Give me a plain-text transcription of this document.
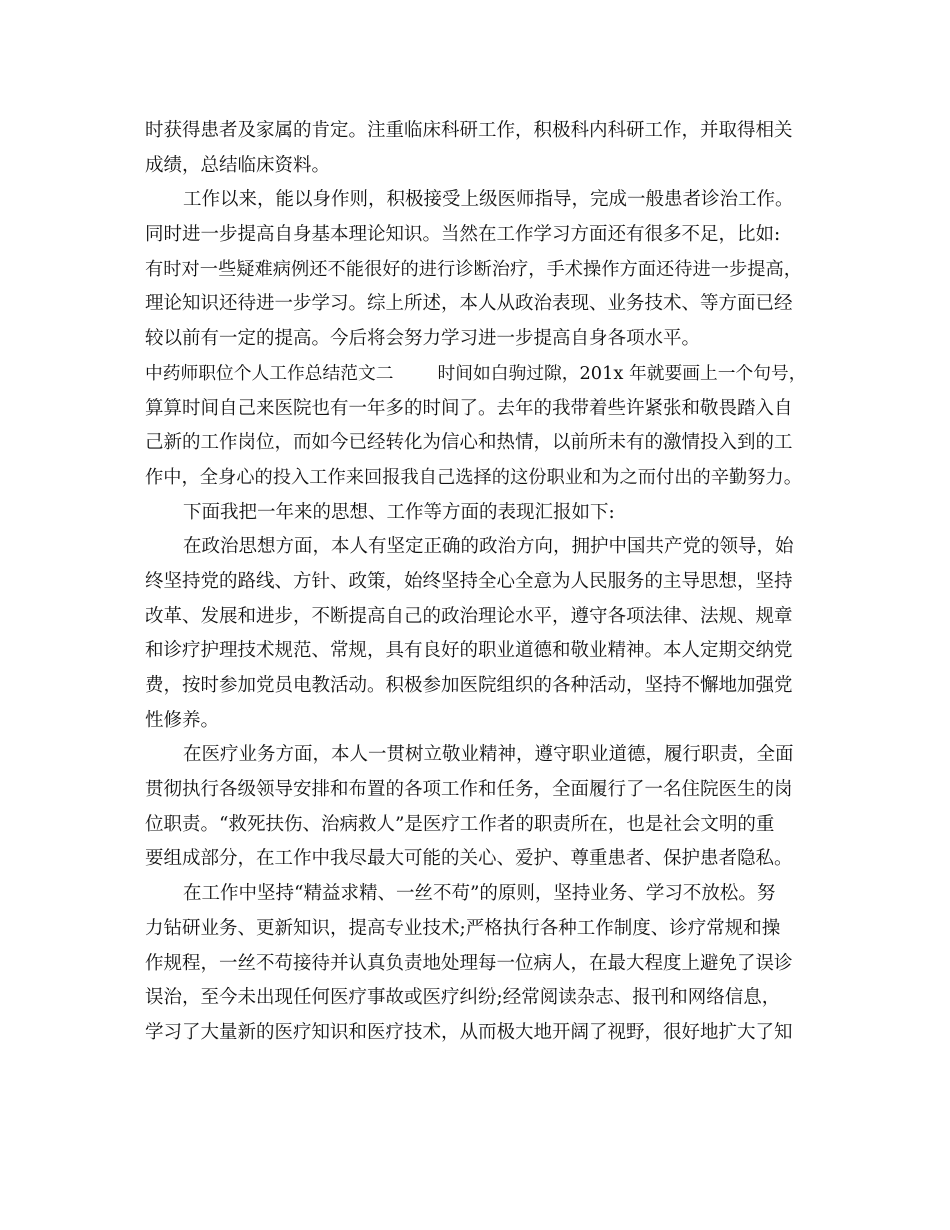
时获得患者及家属的肯定。注重临床科研工作，积极科内科研工作，并取得相关
成绩，总结临床资料。
工作以来，能以身作则，积极接受上级医师指导，完成一般患者诊治工作。
同时进一步提高自身基本理论知识。当然在工作学习方面还有很多不足，比如:
有时对一些疑难病例还不能很好的进行诊断治疗，手术操作方面还待进一步提高，
理论知识还待进一步学习。综上所述，本人从政治表现、业务技术、等方面已经
较以前有一定的提高。今后将会努力学习进一步提高自身各项水平。
中药师职位个人工作总结范文二 时间如白驹过隙，201x 年就要画上一个句号，
算算时间自己来医院也有一年多的时间了。去年的我带着些许紧张和敬畏踏入自
己新的工作岗位，而如今已经转化为信心和热情，以前所未有的激情投入到的工
作中，全身心的投入工作来回报我自己选择的这份职业和为之而付出的辛勤努力。
下面我把一年来的思想、工作等方面的表现汇报如下:
在政治思想方面，本人有坚定正确的政治方向，拥护中国共产党的领导，始
终坚持党的路线、方针、政策，始终坚持全心全意为人民服务的主导思想，坚持
改革、发展和进步，不断提高自己的政治理论水平，遵守各项法律、法规、规章
和诊疗护理技术规范、常规，具有良好的职业道德和敬业精神。本人定期交纳党
费，按时参加党员电教活动。积极参加医院组织的各种活动，坚持不懈地加强党
性修养。
在医疗业务方面，本人一贯树立敬业精神，遵守职业道德，履行职责，全面
贯彻执行各级领导安排和布置的各项工作和任务，全面履行了一名住院医生的岗
位职责。“救死扶伤、治病救人”是医疗工作者的职责所在，也是社会文明的重
要组成部分，在工作中我尽最大可能的关心、爱护、尊重患者、保护患者隐私。
在工作中坚持“精益求精、一丝不苟”的原则，坚持业务、学习不放松。努
力钻研业务、更新知识，提高专业技术;严格执行各种工作制度、诊疗常规和操
作规程，一丝不苟接待并认真负责地处理每一位病人，在最大程度上避免了误诊
误治，至今未出现任何医疗事故或医疗纠纷;经常阅读杂志、报刊和网络信息，
学习了大量新的医疗知识和医疗技术，从而极大地开阔了视野，很好地扩大了知
